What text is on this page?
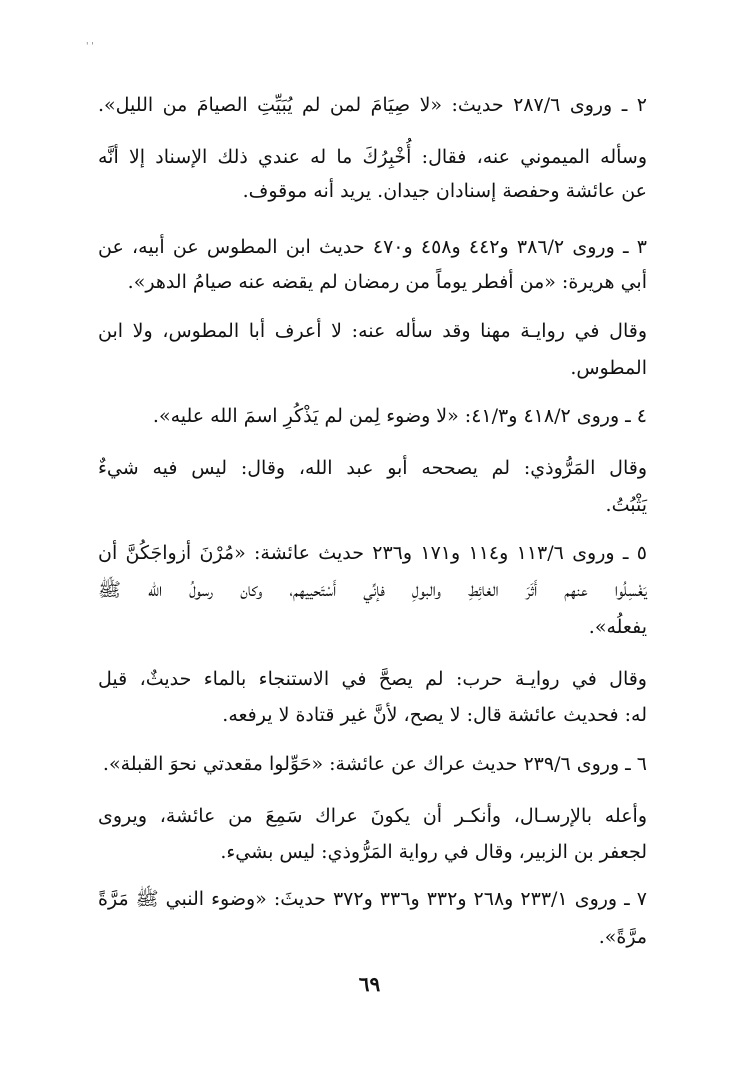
' '
٢ ـ وروى ٢٨٧/٦ حديث: «لا صِيَامَ لمن لم يُبَيِّتِ الصيامَ من الليل».
وسأله الميموني عنه، فقال: أُخْبِرُكَ ما له عندي ذلك الإسناد إلا أنَّه
عن عائشة وحفصة إسنادان جيدان. يريد أنه موقوف.
٣ ـ وروى ٣٨٦/٢ و٤٤٢ و٤٥٨ و٤٧٠ حديث ابن المطوس عن أبيه، عن
أبي هريرة: «من أفطر يوماً من رمضان لم يقضه عنه صيامُ الدهر».
وقال في روايـة مهنا وقد سأله عنه: لا أعرف أبا المطوس، ولا ابن
المطوس.
٤ ـ وروى ٤١٨/٢ و٤١/٣: «لا وضوء لِمن لم يَذْكُرِ اسمَ الله عليه».
وقال المَرُّوذي: لم يصححه أبو عبد الله، وقال: ليس فيه شيءٌ
يَثْبُتُ.
٥ ـ وروى ١١٣/٦ و١١٤ و١٧١ و٢٣٦ حديث عائشة: «مُرْنَ أزواجَكُنَّ أن
يَغْسِلُوا عنهم أَثَرَ الغائِطِ والبولِ فإنِّي أَسْتَحييهم، وكان رسولُ الله ﷺ
يفعلُه».
وقال في روايـة حرب: لم يصحَّ في الاستنجاء بالماء حديثٌ، قيل
له: فحديث عائشة قال: لا يصح، لأنَّ غير قتادة لا يرفعه.
٦ ـ وروى ٢٣٩/٦ حديث عراك عن عائشة: «حَوِّلوا مقعدتي نحوَ القبلة».
وأعله بالإرسـال، وأنكـر أن يكونَ عراك سَمِعَ من عائشة، ويروى
لجعفر بن الزبير، وقال في رواية المَرُّوذي: ليس بشيء.
٧ ـ وروى ٢٣٣/١ و٢٦٨ و٣٣٢ و٣٣٦ و٣٧٢ حديثَ: «وضوء النبي ﷺ مَرَّةً
مرَّةً».
٦٩
